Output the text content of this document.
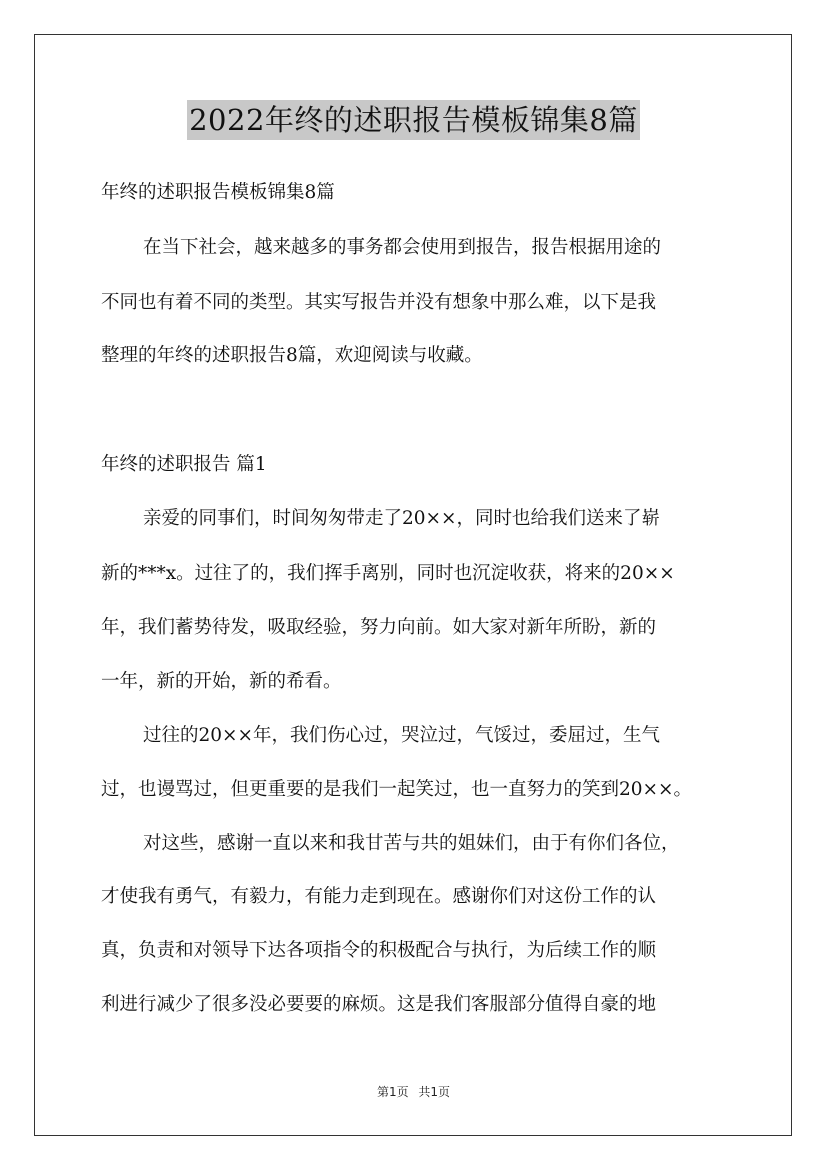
2022年终的述职报告模板锦集8篇
年终的述职报告模板锦集8篇
在当下社会，越来越多的事务都会使用到报告，报告根据用途的
不同也有着不同的类型。其实写报告并没有想象中那么难，以下是我
整理的年终的述职报告8篇，欢迎阅读与收藏。
年终的述职报告 篇1
亲爱的同事们，时间匆匆带走了20××，同时也给我们送来了崭
新的***x。过往了的，我们挥手离别，同时也沉淀收获，将来的20××
年，我们蓄势待发，吸取经验，努力向前。如大家对新年所盼，新的
一年，新的开始，新的希看。
过往的20××年，我们伤心过，哭泣过，气馁过，委屈过，生气
过，也谩骂过，但更重要的是我们一起笑过，也一直努力的笑到20××。
对这些，感谢一直以来和我甘苦与共的姐妹们，由于有你们各位，
才使我有勇气，有毅力，有能力走到现在。感谢你们对这份工作的认
真，负责和对领导下达各项指令的积极配合与执行，为后续工作的顺
利进行减少了很多没必要要的麻烦。这是我们客服部分值得自豪的地
第1页 共1页
